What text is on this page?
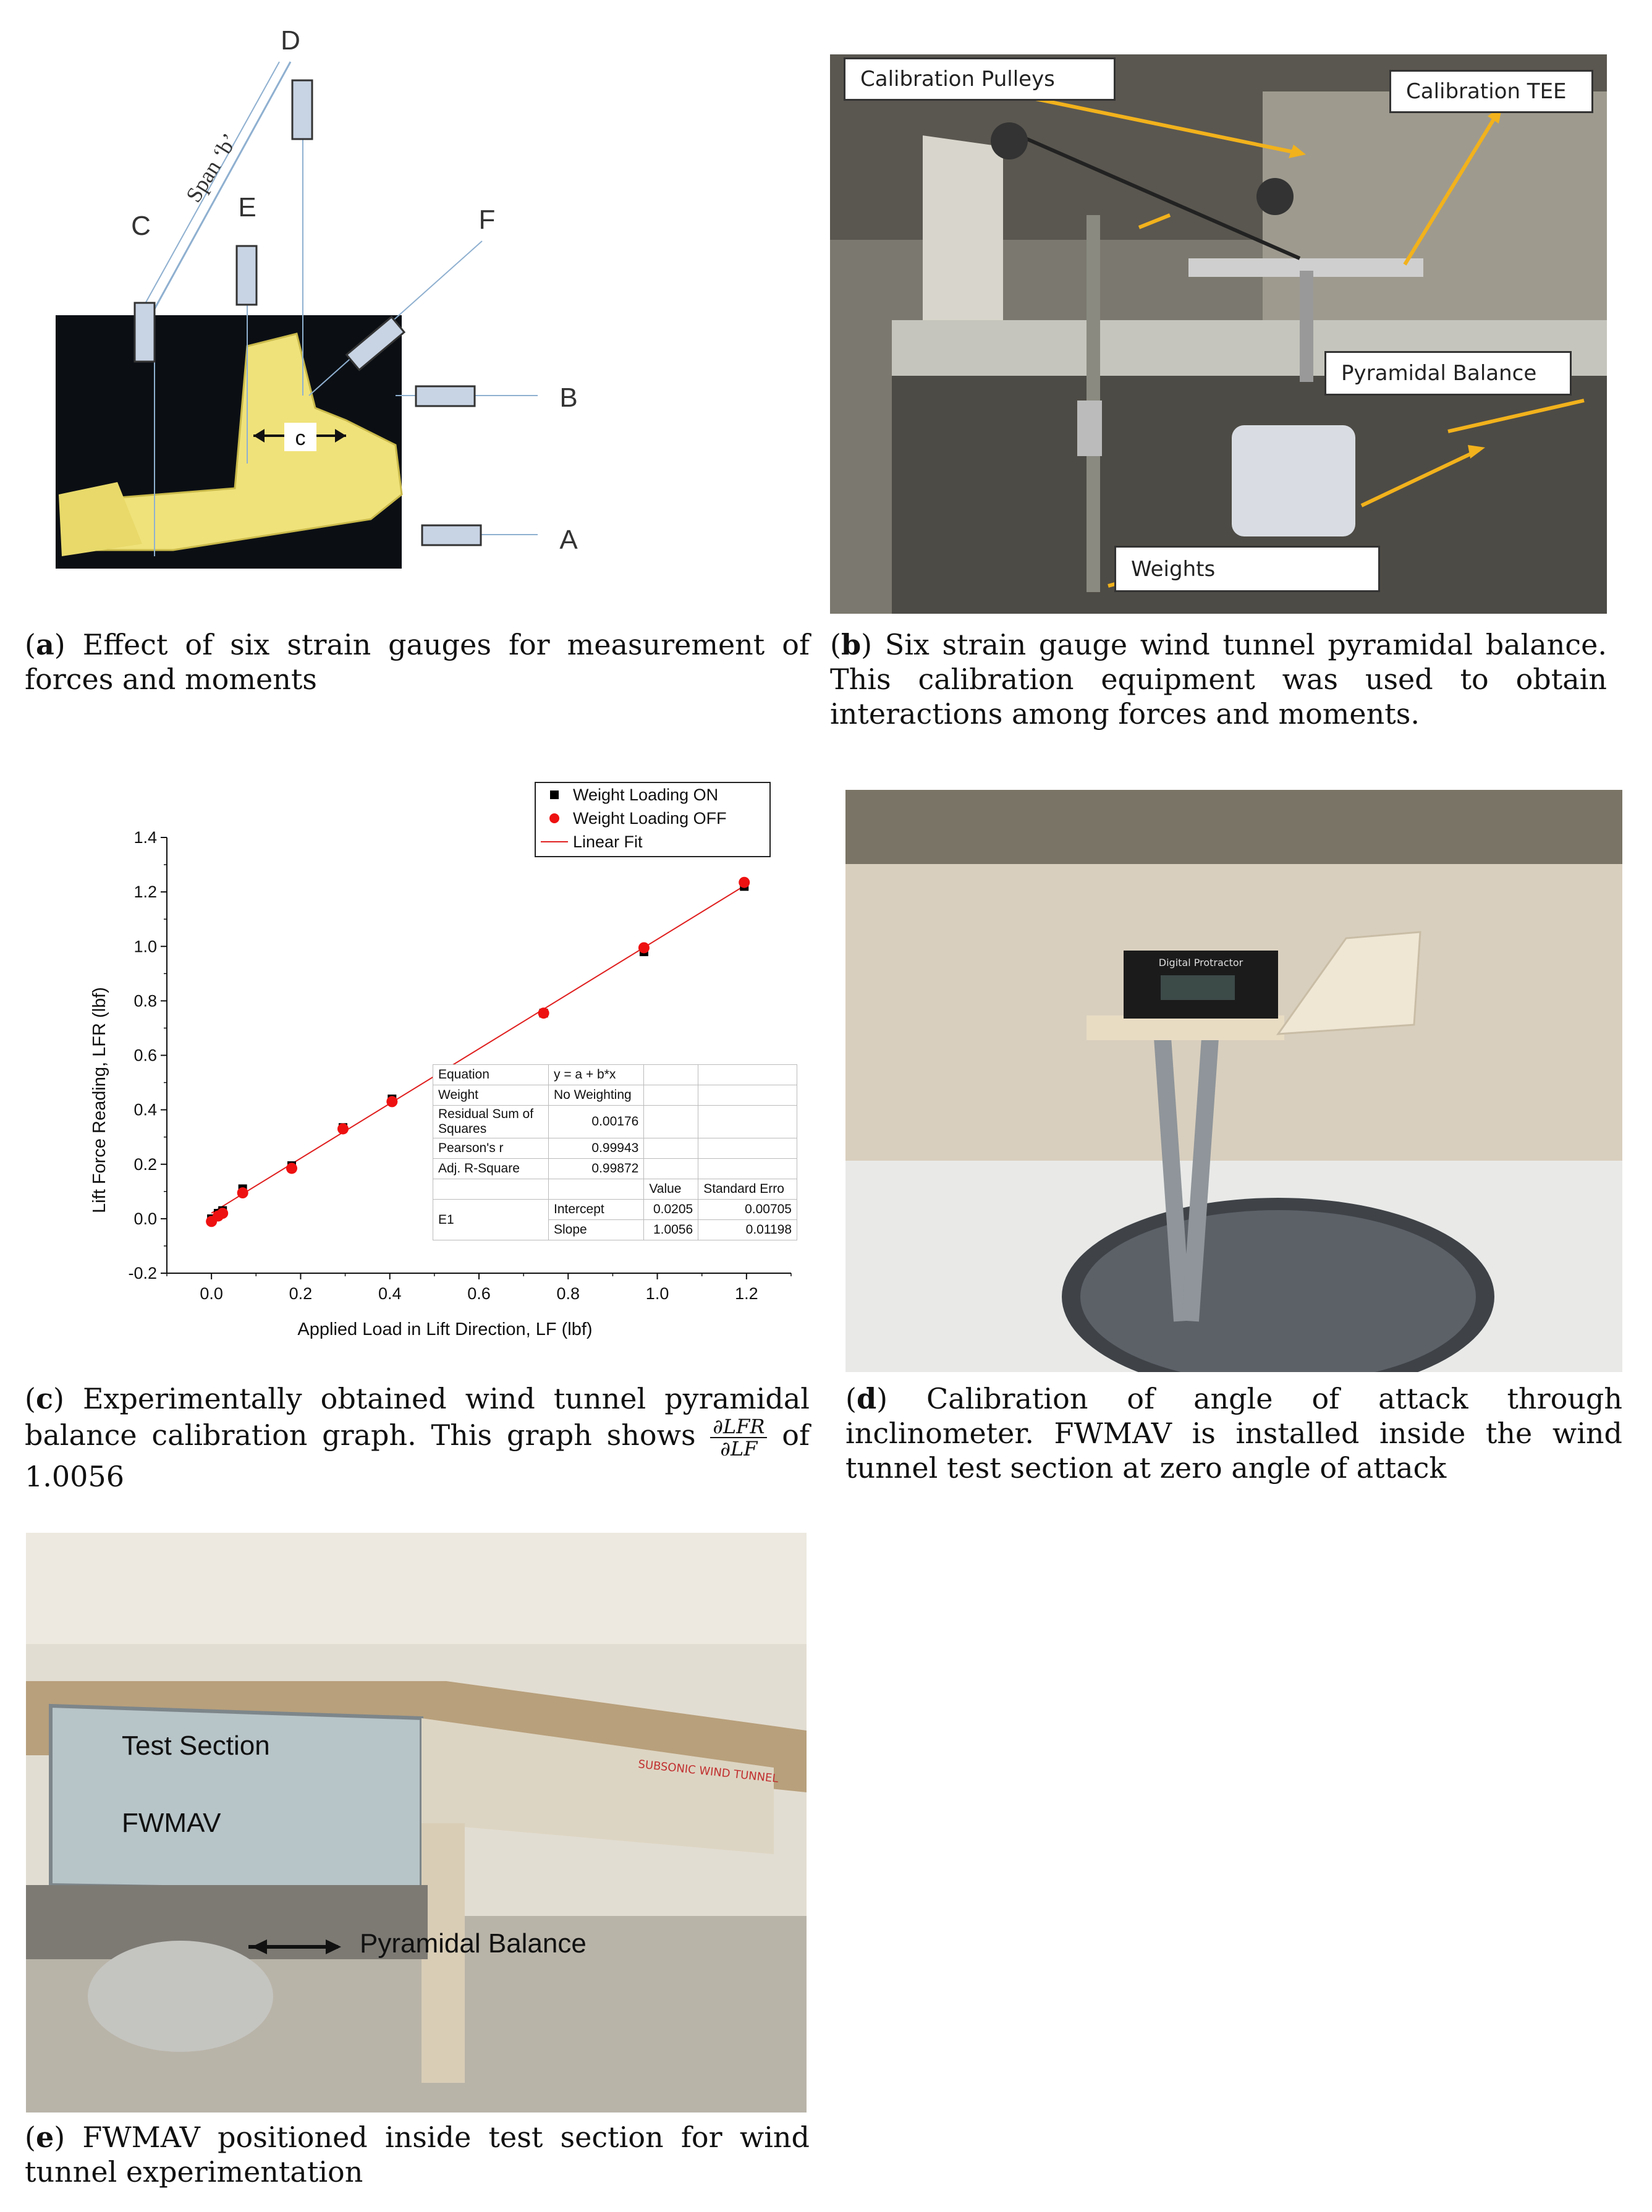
c
D
C
E	F
B
A
Span ‘b’
(a) Effect of six strain gauges for measurement of forces and moments
Calibration Pulleys	Calibration TEE
Pyramidal Balance
Weights
(b) Six strain gauge wind tunnel pyramidal balance. This calibration equipment was used to obtain interactions among forces and moments.
0.0	0.2	0.4	0.6	0.8	1.0	1.2
-0.2
0.0
0.2
0.4
0.6
0.8
1.0
1.2
1.4
Applied Load in Lift Direction, LF (lbf)
Lift Force Reading, LFR (lbf)
Weight Loading ON
Weight Loading OFF
Linear Fit
Equation	y = a + b*x		
Weight	No Weighting		
Residual Sum of Squares	0.00176		
Pearson's r	0.99943		
Adj. R-Square	0.99872		
		Value	Standard Erro
E1	Intercept	0.0205	0.00705
	Slope	1.0056	0.01198
(c) Experimentally obtained wind tunnel pyramidal balance calibration graph. This graph shows ∂LFR
∂LF of 1.0056
Digital Protractor
(d) Calibration of angle of attack through inclinometer. FWMAV is installed inside the wind tunnel test section at zero angle of attack
SUBSONIC WIND TUNNEL
Test Section
FWMAV
Pyramidal Balance
(e) FWMAV positioned inside test section for wind tunnel experimentation
